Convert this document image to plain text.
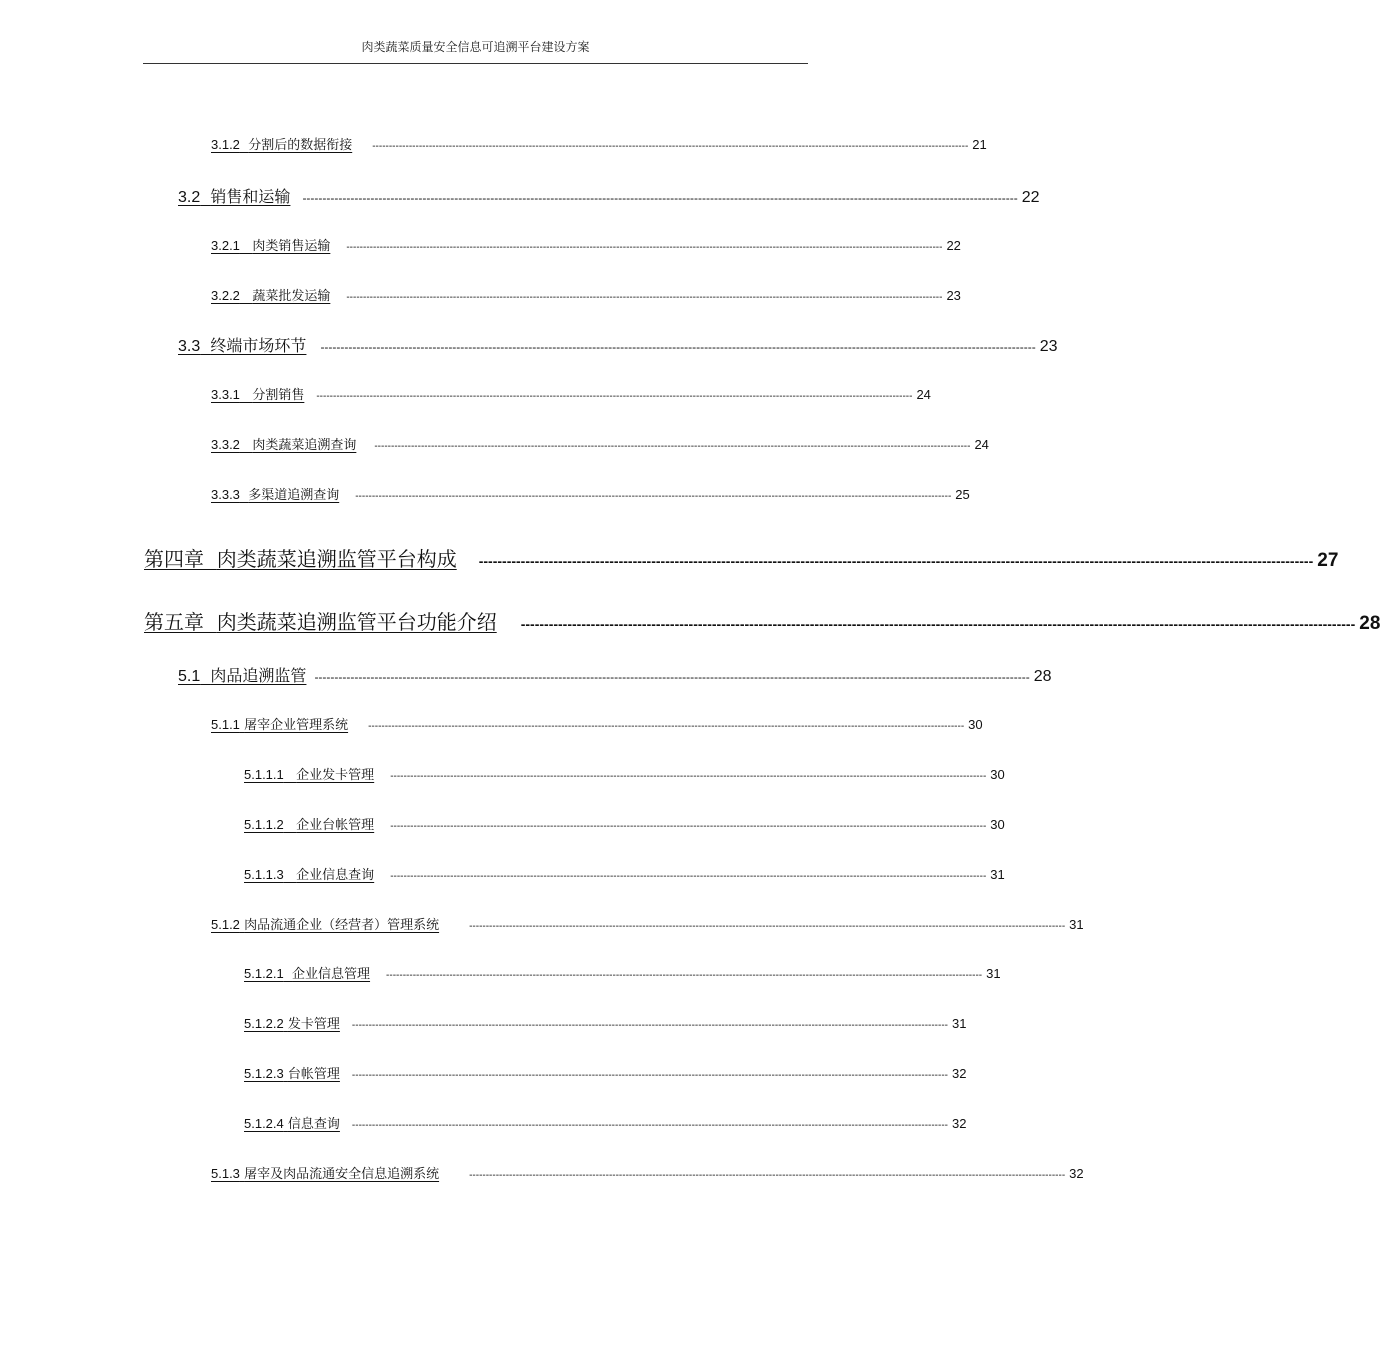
肉类蔬菜质量安全信息可追溯平台建设方案
3.1.2 分割后的数据衔接	----------------------------------------------------------------------------------------------------------------------------------------------------------------------------------- 21
3.2 销售和运输	----------------------------------------------------------------------------------------------------------------------------------------------------------------------------------- 22
3.2.1 肉类销售运输	----------------------------------------------------------------------------------------------------------------------------------------------------------------------------------- 22
3.2.2 蔬菜批发运输	----------------------------------------------------------------------------------------------------------------------------------------------------------------------------------- 23
3.3 终端市场环节	----------------------------------------------------------------------------------------------------------------------------------------------------------------------------------- 23
3.3.1 分割销售	----------------------------------------------------------------------------------------------------------------------------------------------------------------------------------- 24
3.3.2 肉类蔬菜追溯查询	----------------------------------------------------------------------------------------------------------------------------------------------------------------------------------- 24
3.3.3 多渠道追溯查询	----------------------------------------------------------------------------------------------------------------------------------------------------------------------------------- 25
第四章 肉类蔬菜追溯监管平台构成	----------------------------------------------------------------------------------------------------------------------------------------------------------------------------------- 27
第五章 肉类蔬菜追溯监管平台功能介绍	----------------------------------------------------------------------------------------------------------------------------------------------------------------------------------- 28
5.1 肉品追溯监管 ----------------------------------------------------------------------------------------------------------------------------------------------------------------------------------- 28
5.1.1 屠宰企业管理系统	----------------------------------------------------------------------------------------------------------------------------------------------------------------------------------- 30
5.1.1.1 企业发卡管理	----------------------------------------------------------------------------------------------------------------------------------------------------------------------------------- 30
5.1.1.2 企业台帐管理	----------------------------------------------------------------------------------------------------------------------------------------------------------------------------------- 30
5.1.1.3 企业信息查询	----------------------------------------------------------------------------------------------------------------------------------------------------------------------------------- 31
5.1.2 肉品流通企业（经营者）管理系统	----------------------------------------------------------------------------------------------------------------------------------------------------------------------------------- 31
5.1.2.1 企业信息管理	----------------------------------------------------------------------------------------------------------------------------------------------------------------------------------- 31
5.1.2.2 发卡管理	----------------------------------------------------------------------------------------------------------------------------------------------------------------------------------- 31
5.1.2.3 台帐管理	----------------------------------------------------------------------------------------------------------------------------------------------------------------------------------- 32
5.1.2.4 信息查询	----------------------------------------------------------------------------------------------------------------------------------------------------------------------------------- 32
5.1.3 屠宰及肉品流通安全信息追溯系统	----------------------------------------------------------------------------------------------------------------------------------------------------------------------------------- 32
